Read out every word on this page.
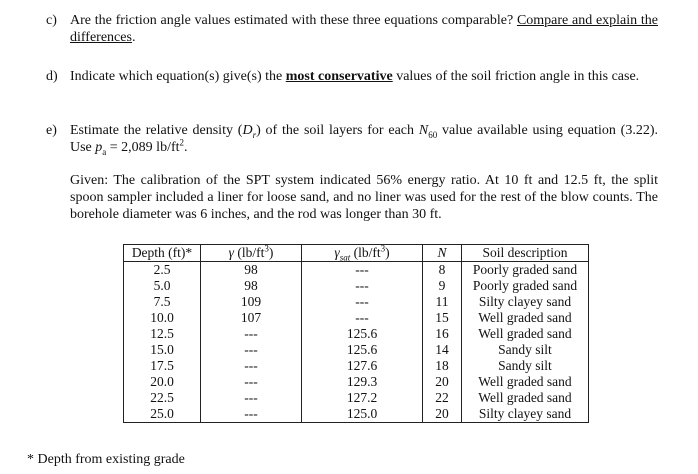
c) Are the friction angle values estimated with these three equations comparable? Compare and explain the differences.
d) Indicate which equation(s) give(s) the most conservative values of the soil friction angle in this case.
e) Estimate the relative density $(D_r)$ of the soil layers for each $N_{60}$ value available using equation (3.22). Use $p_a = 2,089$ $lb/ft^2$.
Given: The calibration of the SPT system indicated 56% energy ratio. At 10 ft and 12.5 ft, the split spoon sampler included a liner for loose sand, and no liner was used for the rest of the blow counts. The borehole diameter was 6 inches, and the rod was longer than 30 ft.
Depth (ft)*	γ $(lb/ft^3)$	$\gamma_{sat}$ $(lb/ft^3)$	N	Soil description
2.5	98	---	8	Poorly graded sand
5.0	98	---	9	Poorly graded sand
7.5	109	---	11	Silty clayey sand
10.0	107	---	15	Well graded sand
12.5	---	125.6	16	Well graded sand
15.0	---	125.6	14	Sandy silt
17.5	---	127.6	18	Sandy silt
20.0	---	129.3	20	Well graded sand
22.5	---	127.2	22	Well graded sand
25.0	---	125.0	20	Silty clayey sand
* Depth from existing grade
